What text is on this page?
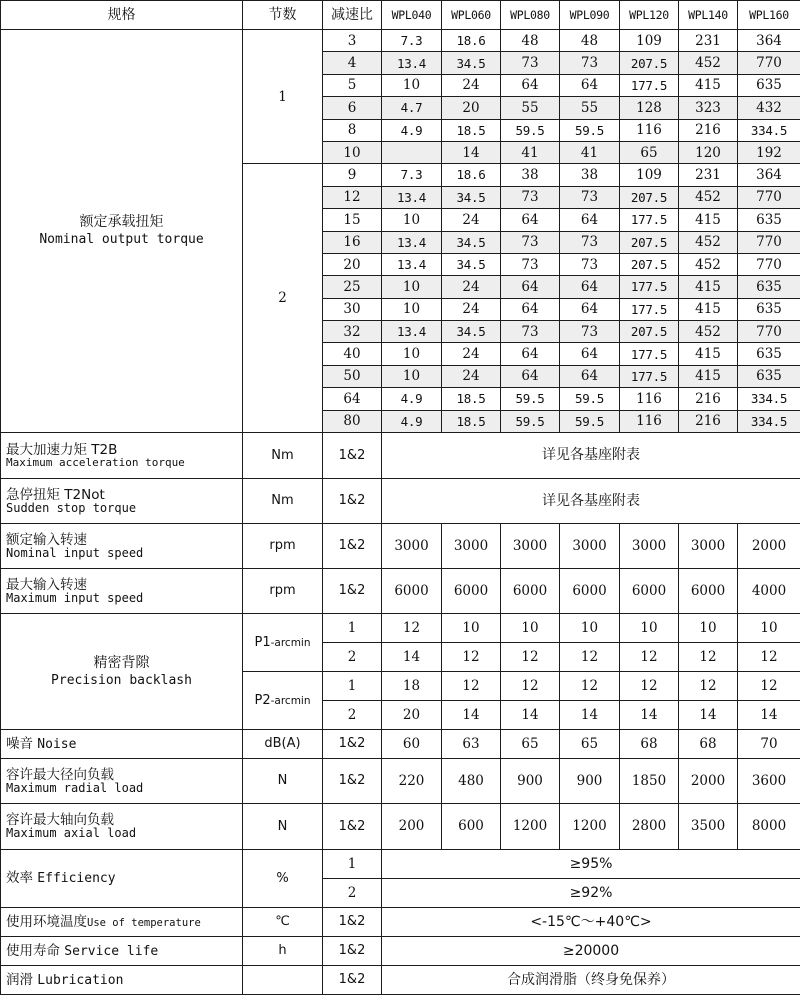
规格	节数	减速比	WPL040	WPL060	WPL080	WPL090	WPL120	WPL140	WPL160

额定承载扭矩
Nominal output torque	1	3	7.3	18.6	48	48	109	231	364
		4	13.4	34.5	73	73	207.5	452	770
		5	10	24	64	64	177.5	415	635
		6	4.7	20	55	55	128	323	432
		8	4.9	18.5	59.5	59.5	116	216	334.5
		10		14	41	41	65	120	192
	2	9	7.3	18.6	38	38	109	231	364
		12	13.4	34.5	73	73	207.5	452	770
		15	10	24	64	64	177.5	415	635
		16	13.4	34.5	73	73	207.5	452	770
		20	13.4	34.5	73	73	207.5	452	770
		25	10	24	64	64	177.5	415	635
		30	10	24	64	64	177.5	415	635
		32	13.4	34.5	73	73	207.5	452	770
		40	10	24	64	64	177.5	415	635
		50	10	24	64	64	177.5	415	635
		64	4.9	18.5	59.5	59.5	116	216	334.5
		80	4.9	18.5	59.5	59.5	116	216	334.5

最大加速力矩 T2B
Maximum acceleration torque	Nm	1&2	详见各基座附表						

急停扭矩 T2Not
Sudden stop torque	Nm	1&2	详见各基座附表						

额定输入转速
Nominal input speed	rpm	1&2	3000	3000	3000	3000	3000	3000	2000

最大输入转速
Maximum input speed	rpm	1&2	6000	6000	6000	6000	6000	6000	4000

精密背隙
Precision backlash	P1-arcmin	1	12	10	10	10	10	10	10
		2	14	12	12	12	12	12	12
	P2-arcmin	1	18	12	12	12	12	12	12
		2	20	14	14	14	14	14	14
噪音 Noise	dB(A)	1&2	60	63	65	65	68	68	70

容许最大径向负载
Maximum radial load	N	1&2	220	480	900	900	1850	2000	3600

容许最大轴向负载
Maximum axial load	N	1&2	200	600	1200	1200	2800	3500	8000
效率 Efficiency	%	1	≥95%						
		2	≥92%						
使用环境温度Use of temperature	℃	1&2	<-15℃～+40℃>						
使用寿命 Service life	h	1&2	≥20000						
润滑 Lubrication		1&2	合成润滑脂（终身免保养）						
